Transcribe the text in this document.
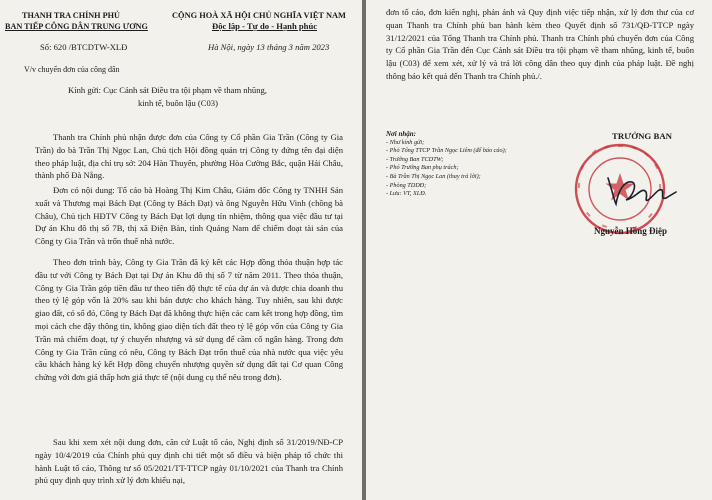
THANH TRA CHÍNH PHỦ
BAN TIẾP CÔNG DÂN TRUNG ƯƠNG
Số: 620 /BTCDTW-XLĐ
CỘNG HOÀ XÃ HỘI CHỦ NGHĨA VIỆT NAM
Độc lập - Tự do - Hạnh phúc
Hà Nội, ngày 13 tháng 3 năm 2023
V/v chuyển đơn của công dân
Kính gửi: Cục Cảnh sát Điều tra tội phạm về tham nhũng,
kinh tế, buôn lậu (C03)
Thanh tra Chính phủ nhận được đơn của Công ty Cổ phần Gia Trần (Công ty Gia Trần) do bà Trần Thị Ngọc Lan, Chủ tịch Hội đồng quản trị Công ty đứng tên đại diện theo pháp luật, địa chỉ trụ sở: 204 Hàn Thuyên, phường Hòa Cường Bắc, quận Hải Châu, thành phố Đà Nẵng.
Đơn có nội dung: Tố cáo bà Hoàng Thị Kim Châu, Giám đốc Công ty TNHH Sản xuất và Thương mại Bách Đạt (Công ty Bách Đạt) và ông Nguyễn Hữu Vinh (chồng bà Châu), Chủ tịch HĐTV Công ty Bách Đạt lợi dụng tín nhiệm, thông qua việc đầu tư tại Dự án Khu đô thị số 7B, thị xã Điện Bàn, tỉnh Quảng Nam để chiếm đoạt tài sản của Công ty Gia Trần và trốn thuế nhà nước.
Theo đơn trình bày, Công ty Gia Trần đã ký kết các Hợp đồng thỏa thuận hợp tác đầu tư với Công ty Bách Đạt tại Dự án Khu đô thị số 7 từ năm 2011. Theo thỏa thuận, Công ty Gia Trần góp tiền đầu tư theo tiến độ thực tế của dự án và được chia doanh thu theo tỷ lệ góp vốn là 20% sau khi bán được cho khách hàng. Tuy nhiên, sau khi được giao đất, có sổ đỏ, Công ty Bách Đạt đã không thực hiện các cam kết trong hợp đồng, tìm mọi cách che đậy thông tin, không giao diện tích đất theo tỷ lệ góp vốn của Công ty Gia Trần mà chiếm đoạt, tự ý chuyển nhượng và sử dụng để cầm cố ngân hàng. Trong đơn Công ty Gia Trần cũng có nêu, Công ty Bách Đạt trốn thuế của nhà nước qua việc yêu cầu khách hàng ký kết Hợp đồng chuyển nhượng quyền sử dụng đất tại Cơ quan Công chứng với đơn giá thấp hơn giá thực tế (nội dung cụ thể nêu trong đơn).
Sau khi xem xét nội dung đơn, căn cứ Luật tố cáo, Nghị định số 31/2019/NĐ-CP ngày 10/4/2019 của Chính phủ quy định chi tiết một số điều và biện pháp tổ chức thi hành Luật tố cáo, Thông tư số 05/2021/TT-TTCP ngày 01/10/2021 của Thanh tra Chính phủ quy định quy trình xử lý đơn khiếu nại,
đơn tố cáo, đơn kiến nghị, phản ánh và Quy định việc tiếp nhận, xử lý đơn thư của cơ quan Thanh tra Chính phủ ban hành kèm theo Quyết định số 731/QĐ-TTCP ngày 31/12/2021 của Tổng Thanh tra Chính phủ. Thanh tra Chính phủ chuyển đơn của Công ty Cổ phần Gia Trần đến Cục Cảnh sát Điều tra tội phạm về tham nhũng, kinh tế, buôn lậu (C03) để xem xét, xử lý và trả lời công dân theo quy định của pháp luật. Đề nghị thông báo kết quả đến Thanh tra Chính phủ./.
Nơi nhận:
- Như kính gửi;
- Phó Tổng TTCP Trần Ngọc Liêm (để báo cáo);
- Trưởng Ban TCDTW;
- Phó Trưởng Ban phụ trách;
- Bà Trần Thị Ngọc Lan (thay trả lời);
- Phòng TDDĐ;
- Lưu: VT, XLĐ.
TRƯỞNG BAN
Nguyễn Hồng Điệp
